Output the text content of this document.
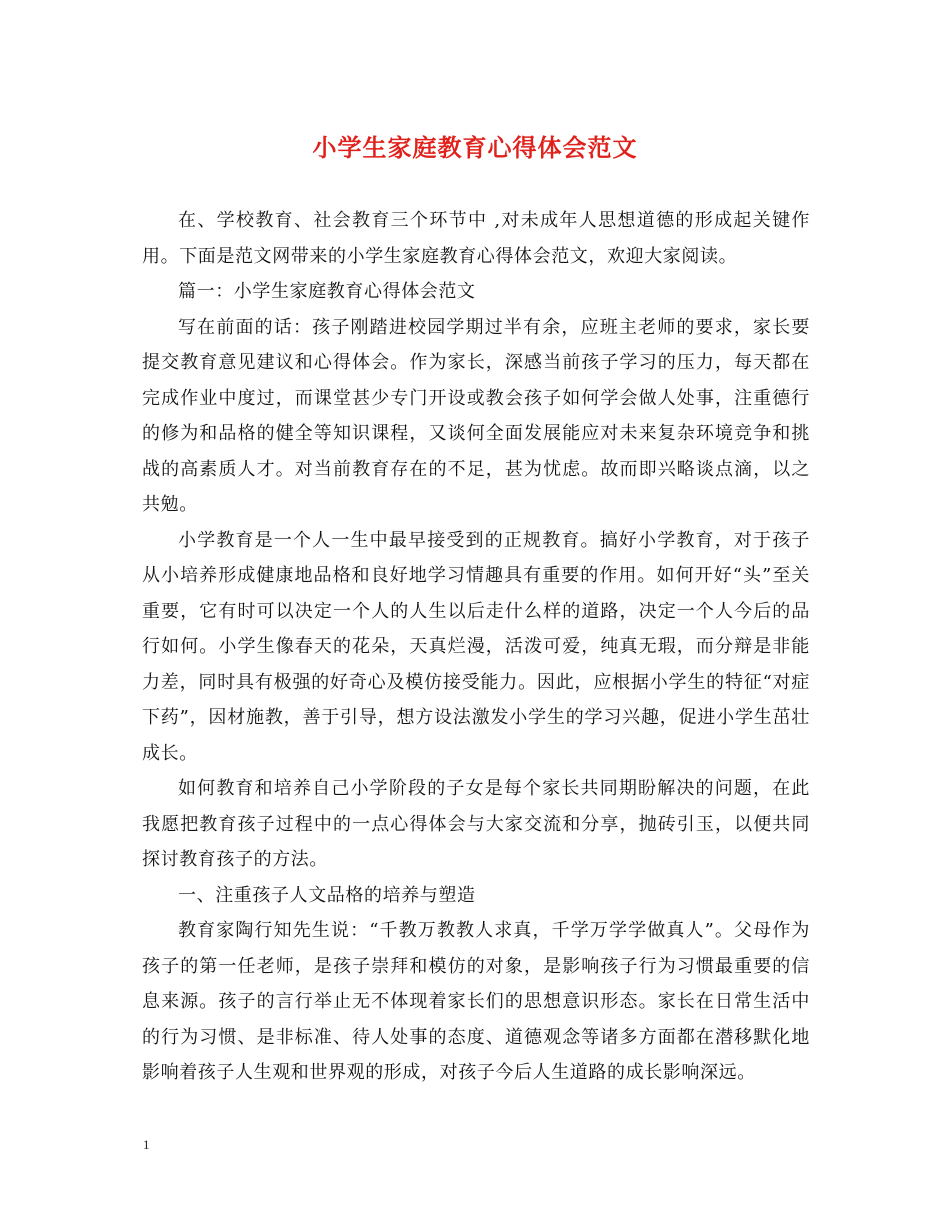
小学生家庭教育心得体会范文

在、学校教育、社会教育三个环节中 ,对未成年人思想道德的形成起关键作用。下面是范文网带来的小学生家庭教育心得体会范文，欢迎大家阅读。

篇一：小学生家庭教育心得体会范文

写在前面的话：孩子刚踏进校园学期过半有余，应班主老师的要求，家长要提交教育意见建议和心得体会。作为家长，深感当前孩子学习的压力，每天都在完成作业中度过，而课堂甚少专门开设或教会孩子如何学会做人处事，注重德行的修为和品格的健全等知识课程，又谈何全面发展能应对未来复杂环境竞争和挑战的高素质人才。对当前教育存在的不足，甚为忧虑。故而即兴略谈点滴，以之共勉。

小学教育是一个人一生中最早接受到的正规教育。搞好小学教育，对于孩子从小培养形成健康地品格和良好地学习情趣具有重要的作用。如何开好“头”至关重要，它有时可以决定一个人的人生以后走什么样的道路，决定一个人今后的品行如何。小学生像春天的花朵，天真烂漫，活泼可爱，纯真无瑕，而分辩是非能力差，同时具有极强的好奇心及模仿接受能力。因此，应根据小学生的特征“对症下药”，因材施教，善于引导，想方设法激发小学生的学习兴趣，促进小学生茁壮成长。

如何教育和培养自己小学阶段的子女是每个家长共同期盼解决的问题，在此我愿把教育孩子过程中的一点心得体会与大家交流和分享，抛砖引玉，以便共同探讨教育孩子的方法。

一、注重孩子人文品格的培养与塑造

教育家陶行知先生说：“千教万教教人求真，千学万学学做真人”。父母作为孩子的第一任老师，是孩子崇拜和模仿的对象，是影响孩子行为习惯最重要的信息来源。孩子的言行举止无不体现着家长们的思想意识形态。家长在日常生活中的行为习惯、是非标准、待人处事的态度、道德观念等诸多方面都在潜移默化地影响着孩子人生观和世界观的形成，对孩子今后人生道路的成长影响深远。

1
